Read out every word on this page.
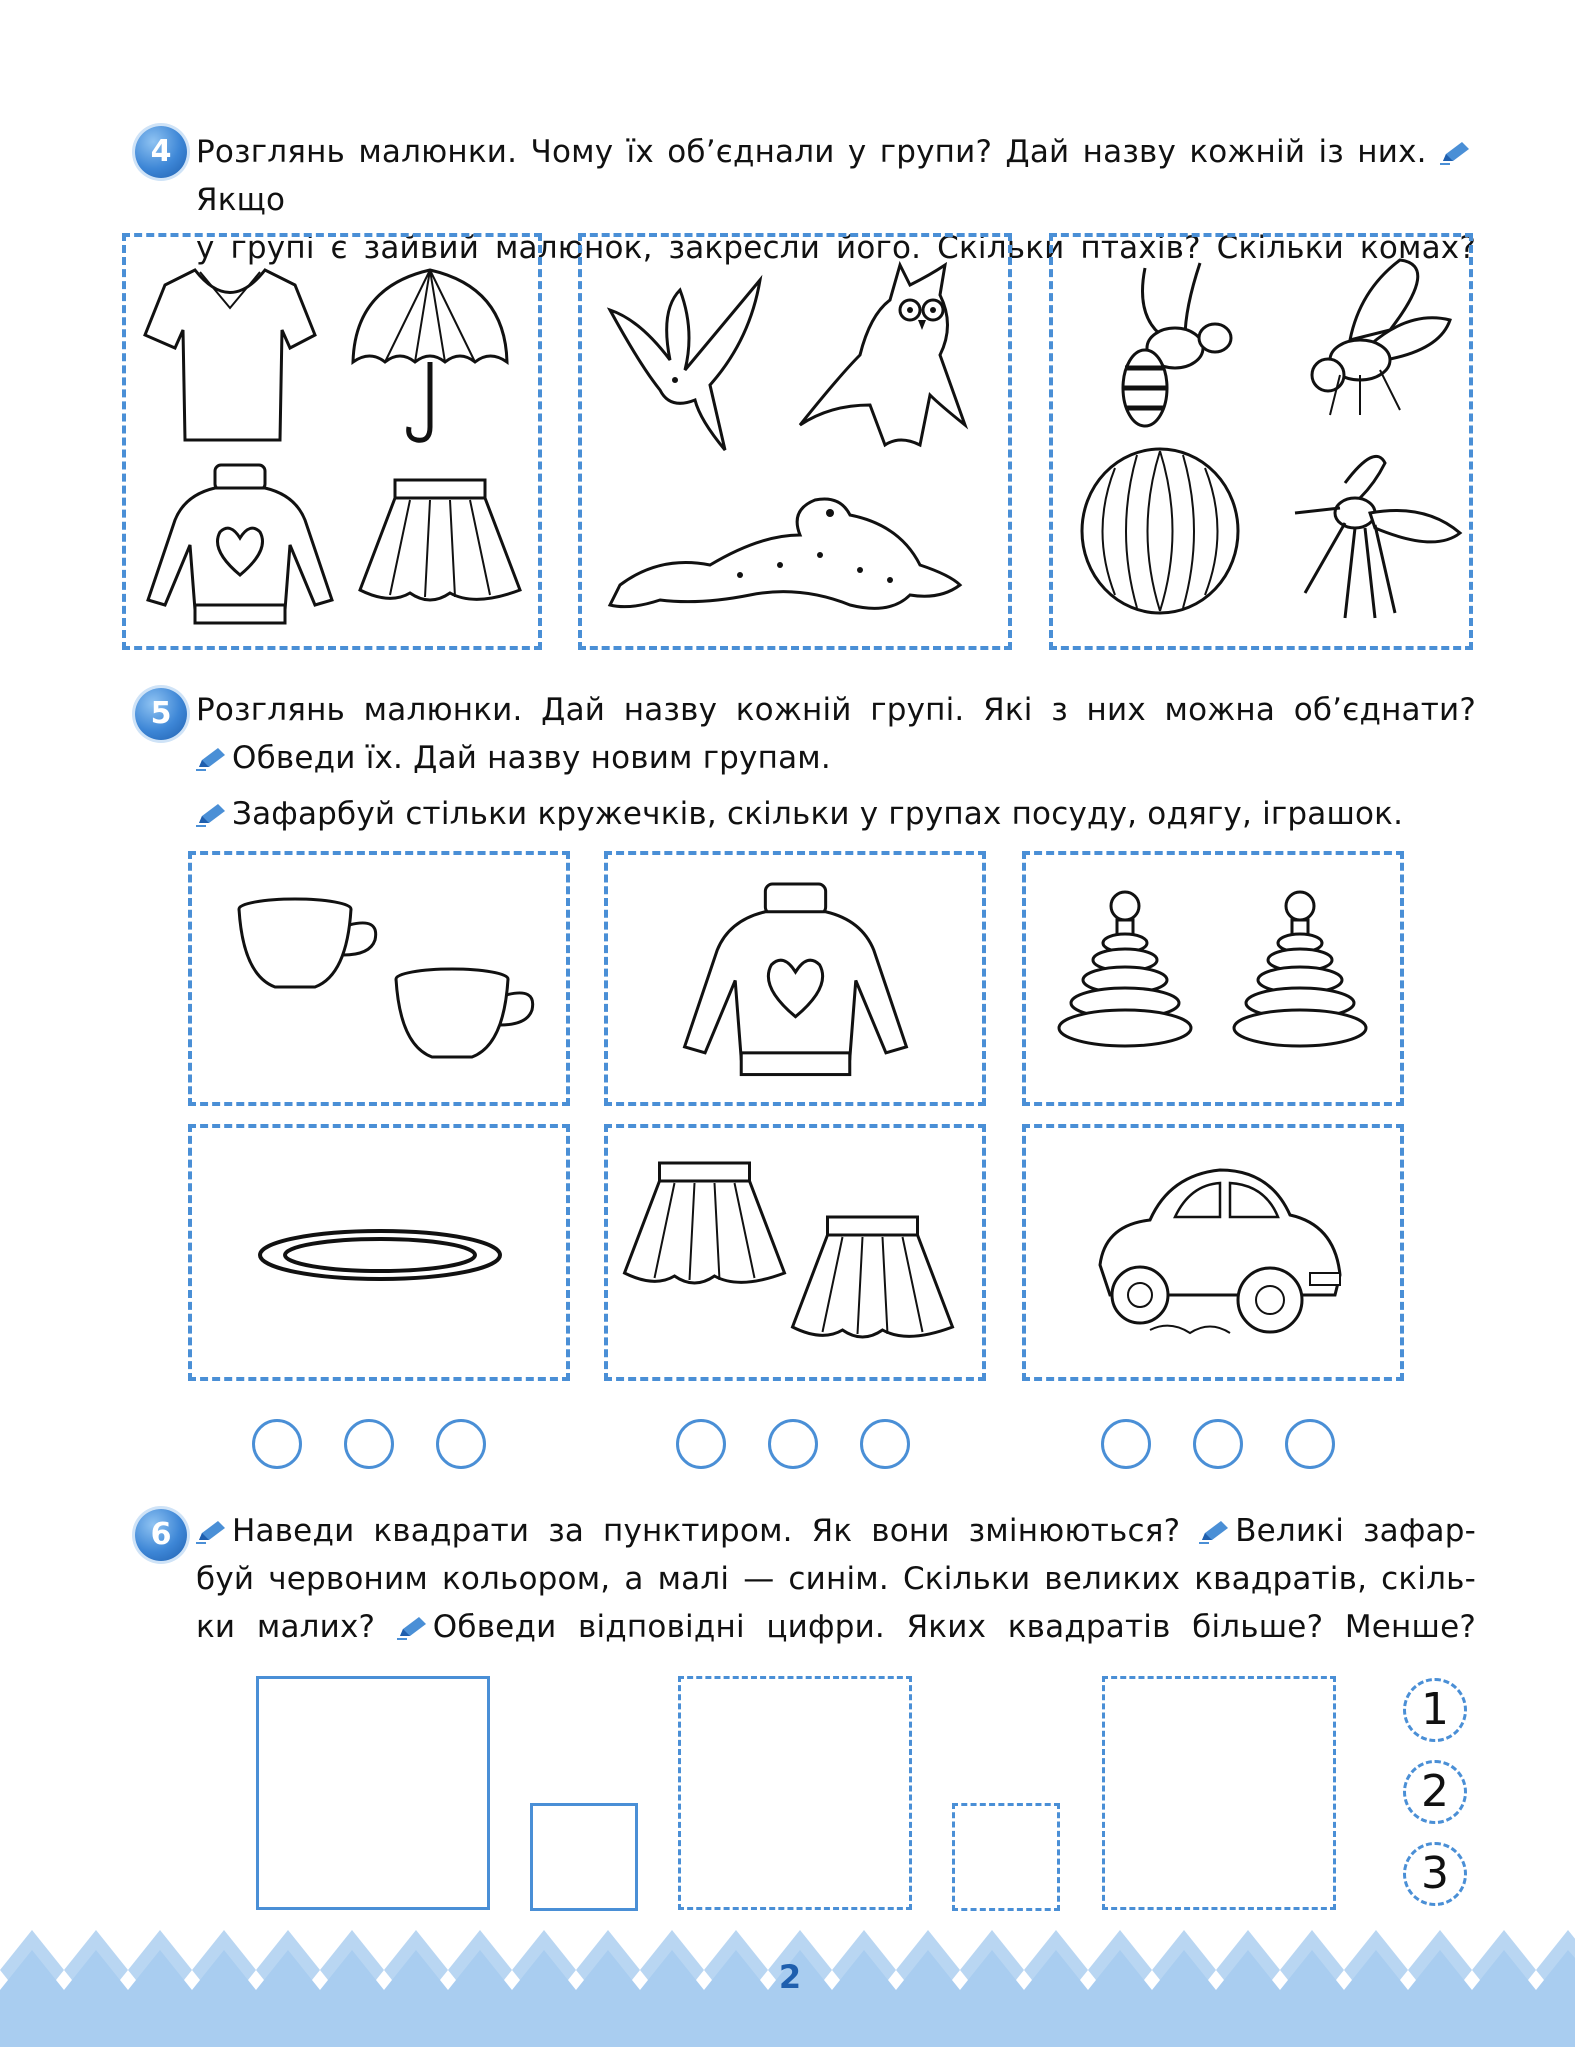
4 Розглянь малюнки. Чому їх об’єднали у групи? Дай назву кожній із них.  Якщо

у групі є зайвий малюнок, закресли його. Скільки птахів? Скільки комах?

5 Розглянь малюнки. Дай назву кожній групі. Які з них можна об’єднати?

Обведи їх. Дай назву новим групам.

Зафарбуй стільки кружечків, скільки у групах посуду, одягу, іграшок.

6	Наведи квадрати за пунктиром. Як вони змінюються? Великі зафар-

буй червоним кольором, а малі — синім. Скільки великих квадратів, скіль-

ки малих? Обведи відповідні цифри. Яких квадратів більше? Менше?

1
2
3
2
